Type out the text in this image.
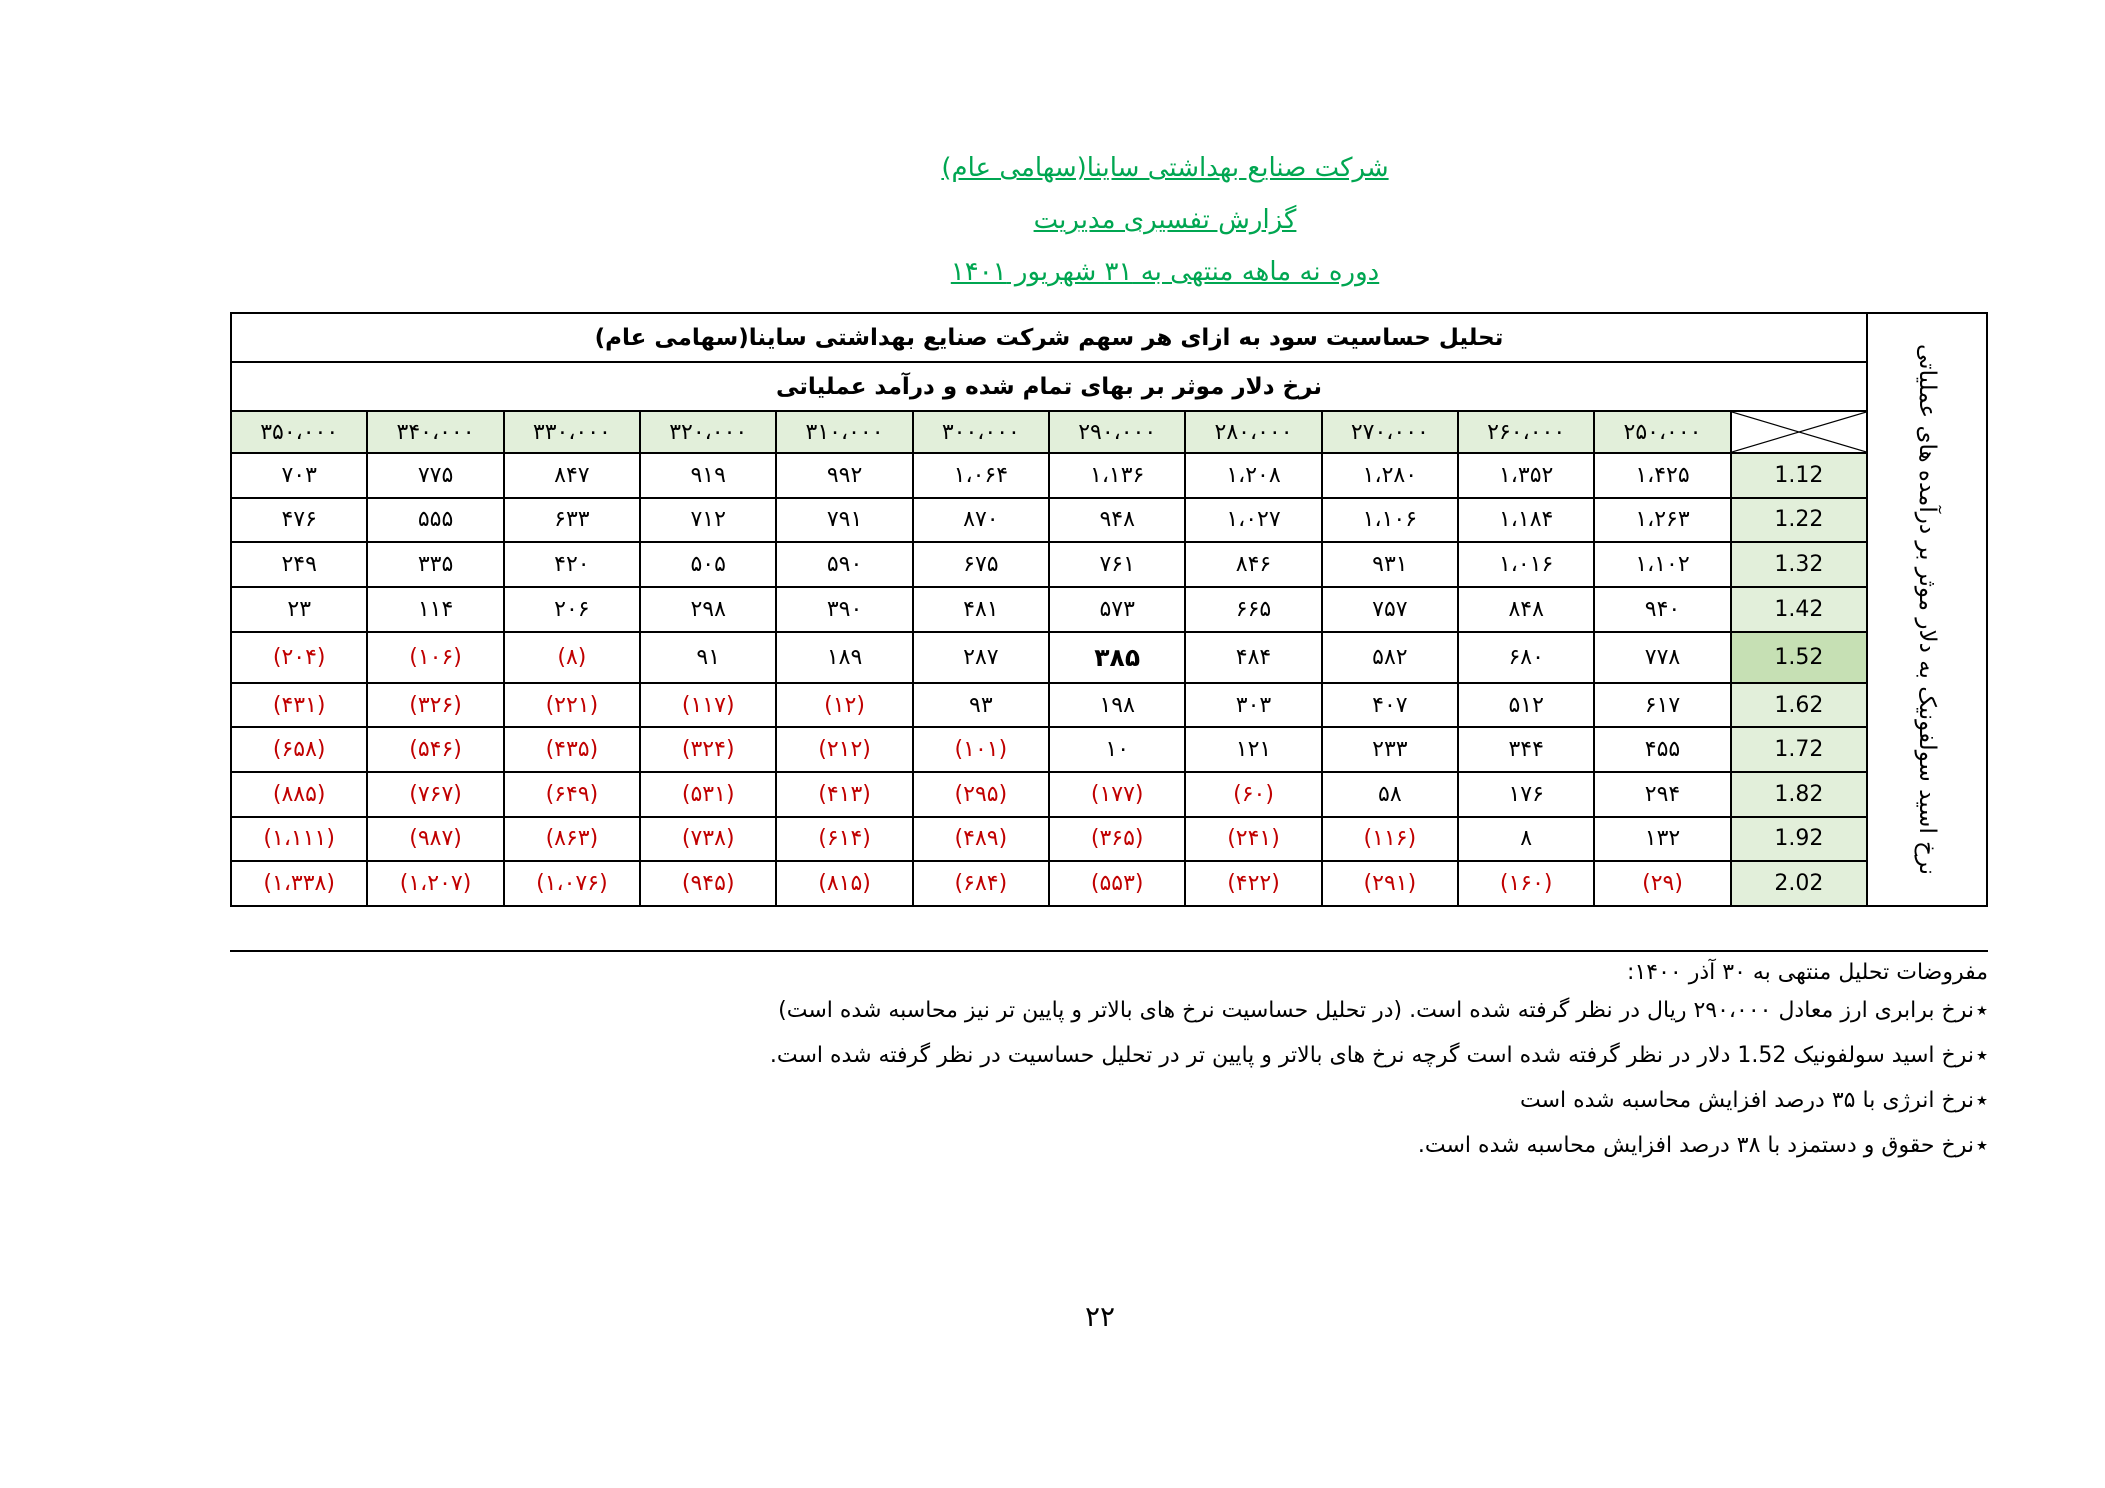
شرکت صنایع بهداشتی ساینا(سهامی عام)
گزارش تفسیری مدیریت
دوره نه ماهه منتهی به ۳۱ شهریور ۱۴۰۱
نرخ اسید سولفونیک به دلار موثر بر درآمده های عملیاتی	تحلیل حساسیت سود به ازای هر سهم شرکت صنایع بهداشتی ساینا(سهامی عام)											
	نرخ دلار موثر بر بهای تمام شده و درآمد عملیاتی											

	۲۵۰،۰۰۰	۲۶۰،۰۰۰	۲۷۰،۰۰۰	۲۸۰،۰۰۰	۲۹۰،۰۰۰	۳۰۰،۰۰۰	۳۱۰،۰۰۰	۳۲۰،۰۰۰	۳۳۰،۰۰۰	۳۴۰،۰۰۰	۳۵۰،۰۰۰
	1.12	۱،۴۲۵	۱،۳۵۲	۱،۲۸۰	۱،۲۰۸	۱،۱۳۶	۱،۰۶۴	۹۹۲	۹۱۹	۸۴۷	۷۷۵	۷۰۳
	1.22	۱،۲۶۳	۱،۱۸۴	۱،۱۰۶	۱،۰۲۷	۹۴۸	۸۷۰	۷۹۱	۷۱۲	۶۳۳	۵۵۵	۴۷۶
	1.32	۱،۱۰۲	۱،۰۱۶	۹۳۱	۸۴۶	۷۶۱	۶۷۵	۵۹۰	۵۰۵	۴۲۰	۳۳۵	۲۴۹
	1.42	۹۴۰	۸۴۸	۷۵۷	۶۶۵	۵۷۳	۴۸۱	۳۹۰	۲۹۸	۲۰۶	۱۱۴	۲۳
	1.52	۷۷۸	۶۸۰	۵۸۲	۴۸۴	۳۸۵	۲۸۷	۱۸۹	۹۱	(۸)	(۱۰۶)	(۲۰۴)
	1.62	۶۱۷	۵۱۲	۴۰۷	۳۰۳	۱۹۸	۹۳	(۱۲)	(۱۱۷)	(۲۲۱)	(۳۲۶)	(۴۳۱)
	1.72	۴۵۵	۳۴۴	۲۳۳	۱۲۱	۱۰	(۱۰۱)	(۲۱۲)	(۳۲۴)	(۴۳۵)	(۵۴۶)	(۶۵۸)
	1.82	۲۹۴	۱۷۶	۵۸	(۶۰)	(۱۷۷)	(۲۹۵)	(۴۱۳)	(۵۳۱)	(۶۴۹)	(۷۶۷)	(۸۸۵)
	1.92	۱۳۲	۸	(۱۱۶)	(۲۴۱)	(۳۶۵)	(۴۸۹)	(۶۱۴)	(۷۳۸)	(۸۶۳)	(۹۸۷)	(۱،۱۱۱)
	2.02	(۲۹)	(۱۶۰)	(۲۹۱)	(۴۲۲)	(۵۵۳)	(۶۸۴)	(۸۱۵)	(۹۴۵)	(۱،۰۷۶)	(۱،۲۰۷)	(۱،۳۳۸)
مفروضات تحلیل منتهی به ۳۰ آذر ۱۴۰۰:
٭نرخ برابری ارز معادل ۲۹۰،۰۰۰ ریال در نظر گرفته شده است. (در تحلیل حساسیت نرخ های بالاتر و پایین تر نیز محاسبه شده است)
٭نرخ اسید سولفونیک 1.52 دلار در نظر گرفته شده است گرچه نرخ های بالاتر و پایین تر در تحلیل حساسیت در نظر گرفته شده است.
٭نرخ انرژی با ۳۵ درصد افزایش محاسبه شده است
٭نرخ حقوق و دستمزد با ۳۸ درصد افزایش محاسبه شده است.
۲۲
